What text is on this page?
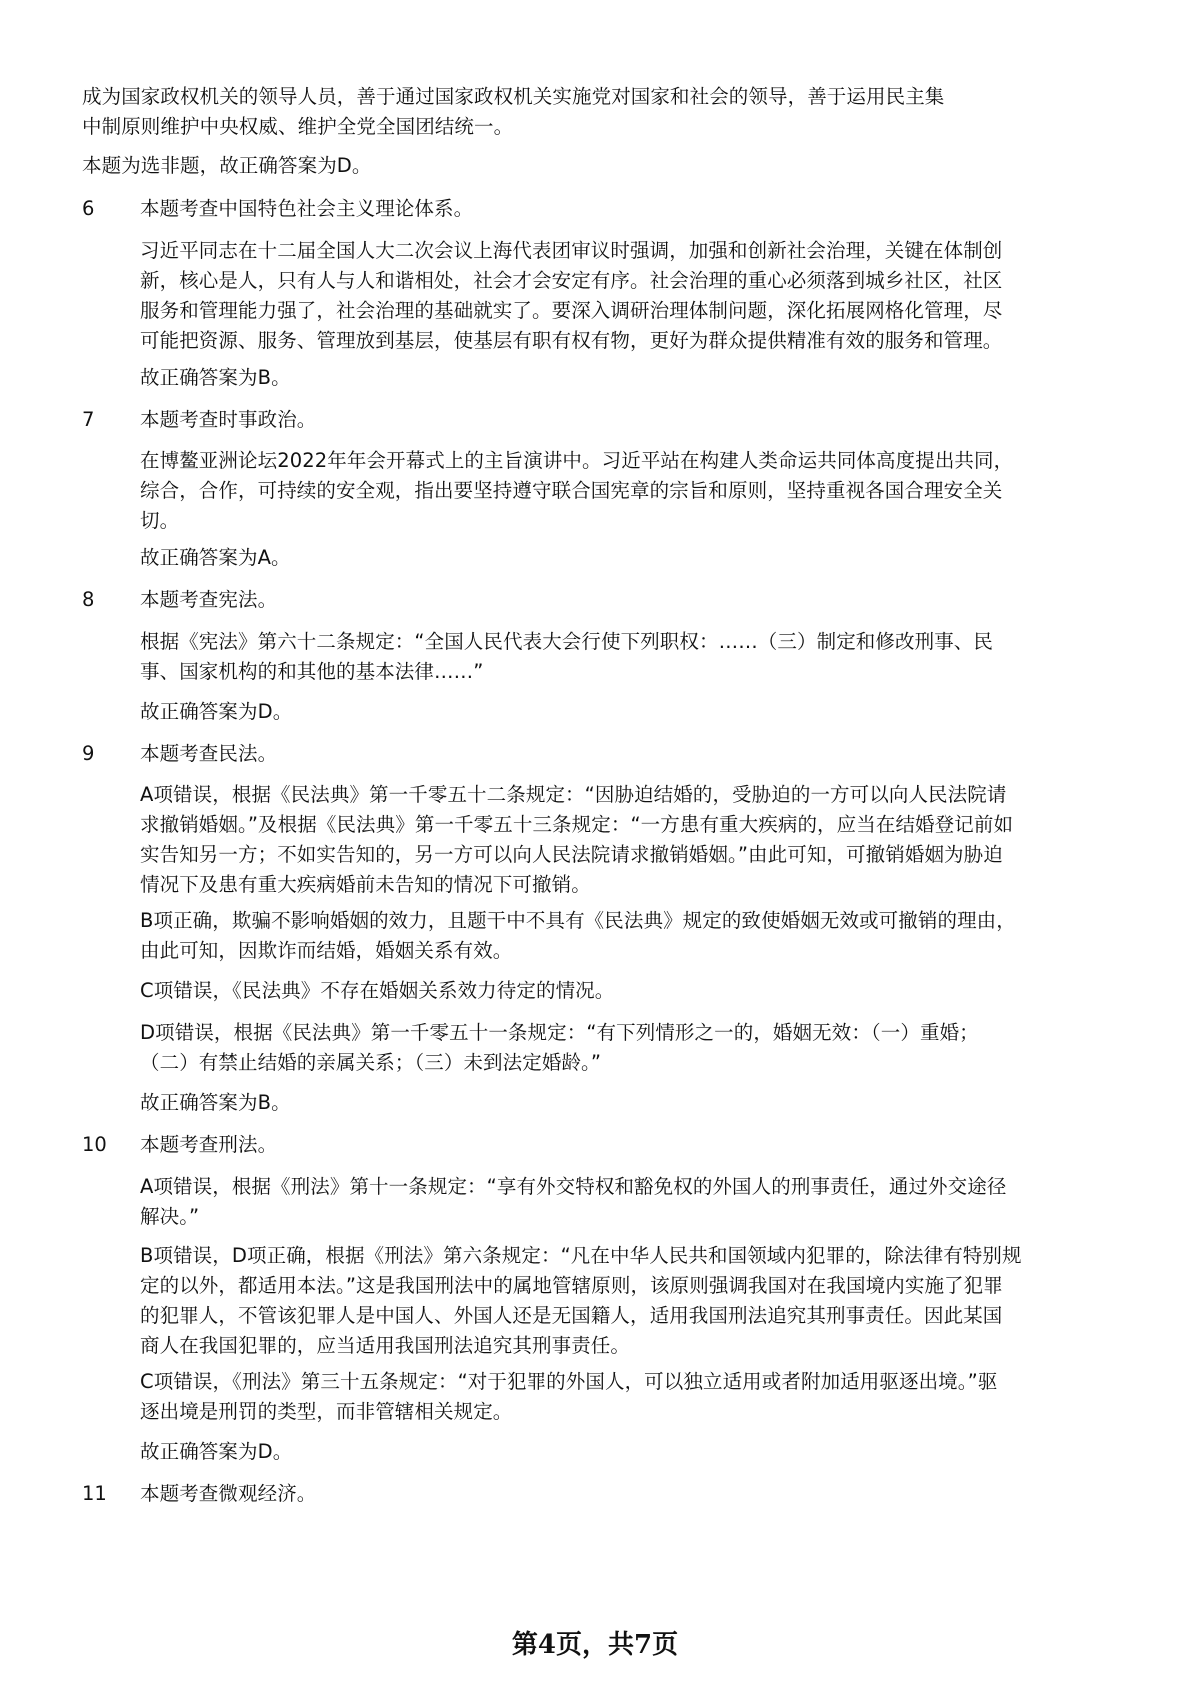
成为国家政权机关的领导人员，善于通过国家政权机关实施党对国家和社会的领导，善于运用民主集
中制原则维护中央权威、维护全党全国团结统一。

本题为选非题，故正确答案为D。

6 本题考查中国特色社会主义理论体系。

习近平同志在十二届全国人大二次会议上海代表团审议时强调，加强和创新社会治理，关键在体制创
新，核心是人，只有人与人和谐相处，社会才会安定有序。社会治理的重心必须落到城乡社区，社区
服务和管理能力强了，社会治理的基础就实了。要深入调研治理体制问题，深化拓展网格化管理，尽
可能把资源、服务、管理放到基层，使基层有职有权有物，更好为群众提供精准有效的服务和管理。

故正确答案为B。

7 本题考查时事政治。

在博鳌亚洲论坛2022年年会开幕式上的主旨演讲中。习近平站在构建人类命运共同体高度提出共同，
综合，合作，可持续的安全观，指出要坚持遵守联合国宪章的宗旨和原则，坚持重视各国合理安全关
切。

故正确答案为A。

8 本题考查宪法。

根据《宪法》第六十二条规定：“全国人民代表大会行使下列职权：……（三）制定和修改刑事、民
事、国家机构的和其他的基本法律……”

故正确答案为D。

9 本题考查民法。

A项错误，根据《民法典》第一千零五十二条规定：“因胁迫结婚的，受胁迫的一方可以向人民法院请
求撤销婚姻。”及根据《民法典》第一千零五十三条规定：“一方患有重大疾病的，应当在结婚登记前如
实告知另一方；不如实告知的，另一方可以向人民法院请求撤销婚姻。”由此可知，可撤销婚姻为胁迫
情况下及患有重大疾病婚前未告知的情况下可撤销。

B项正确，欺骗不影响婚姻的效力，且题干中不具有《民法典》规定的致使婚姻无效或可撤销的理由，
由此可知，因欺诈而结婚，婚姻关系有效。

C项错误，《民法典》不存在婚姻关系效力待定的情况。

D项错误，根据《民法典》第一千零五十一条规定：“有下列情形之一的，婚姻无效：（一）重婚；
（二）有禁止结婚的亲属关系；（三）未到法定婚龄。”

故正确答案为B。

10 本题考查刑法。

A项错误，根据《刑法》第十一条规定：“享有外交特权和豁免权的外国人的刑事责任，通过外交途径
解决。”

B项错误，D项正确，根据《刑法》第六条规定：“凡在中华人民共和国领域内犯罪的，除法律有特别规
定的以外，都适用本法。”这是我国刑法中的属地管辖原则，该原则强调我国对在我国境内实施了犯罪
的犯罪人，不管该犯罪人是中国人、外国人还是无国籍人，适用我国刑法追究其刑事责任。因此某国
商人在我国犯罪的，应当适用我国刑法追究其刑事责任。

C项错误，《刑法》第三十五条规定：“对于犯罪的外国人，可以独立适用或者附加适用驱逐出境。”驱
逐出境是刑罚的类型，而非管辖相关规定。

故正确答案为D。

11 本题考查微观经济。

第4页，共7页
